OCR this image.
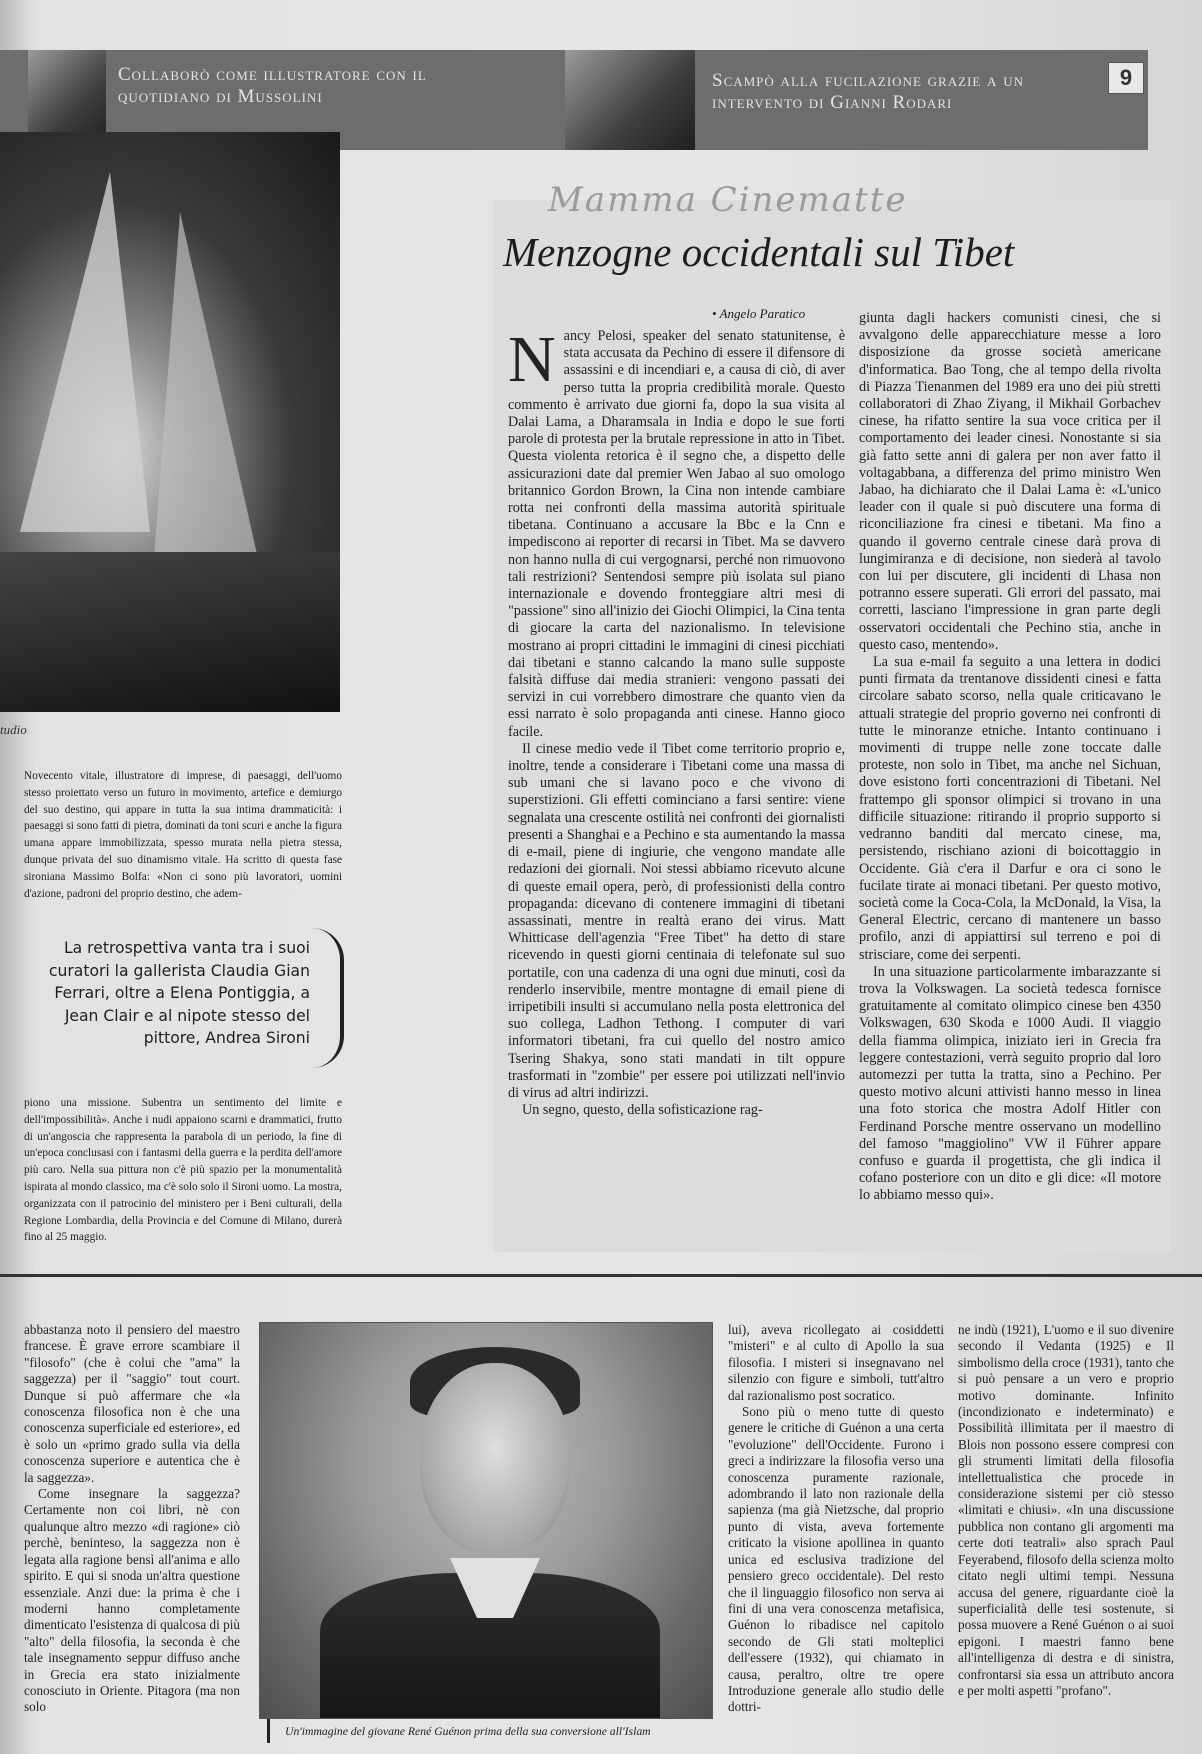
Collaborò come illustratore con il quotidiano di Mussolini
Scampò alla fucilazione grazie a un intervento di Gianni Rodari
9
tudio

Novecento vitale, illustratore di imprese, di paesaggi, dell'uomo stesso proiettato verso un futuro in movimento, artefice e demiurgo del suo destino, qui appare in tutta la sua intima drammaticità: i paesaggi si sono fatti di pietra, dominati da toni scuri e anche la figura umana appare immobilizzata, spesso murata nella pietra stessa, dunque privata del suo dinamismo vitale. Ha scritto di questa fase sironiana Massimo Bolfa: «Non ci sono più lavoratori, uomini d'azione, padroni del proprio destino, che adem-

La retrospettiva vanta tra i suoi curatori la gallerista Claudia Gian Ferrari, oltre a Elena Pontiggia, a Jean Clair e al nipote stesso del pittore, Andrea Sironi

piono una missione. Subentra un sentimento del limite e dell'impossibilità». Anche i nudi appaiono scarni e drammatici, frutto di un'angoscia che rappresenta la parabola di un periodo, la fine di un'epoca conclusasi con i fantasmi della guerra e la perdita dell'amore più caro. Nella sua pittura non c'è più spazio per la monumentalità ispirata al mondo classico, ma c'è solo solo il Sironi uomo. La mostra, organizzata con il patrocinio del ministero per i Beni culturali, della Regione Lombardia, della Provincia e del Comune di Milano, durerà fino al 25 maggio.

Mamma Cinematte
Menzogne occidentali sul Tibet
• Angelo Paratico

Nancy Pelosi, speaker del senato statunitense, è stata accusata da Pechino di essere il difensore di assassini e di incendiari e, a causa di ciò, di aver perso tutta la propria credibilità morale. Questo commento è arrivato due giorni fa, dopo la sua visita al Dalai Lama, a Dharamsala in India e dopo le sue forti parole di protesta per la brutale repressione in atto in Tibet. Questa violenta retorica è il segno che, a dispetto delle assicurazioni date dal premier Wen Jabao al suo omologo britannico Gordon Brown, la Cina non intende cambiare rotta nei confronti della massima autorità spirituale tibetana. Continuano a accusare la Bbc e la Cnn e impediscono ai reporter di recarsi in Tibet. Ma se davvero non hanno nulla di cui vergognarsi, perché non rimuovono tali restrizioni? Sentendosi sempre più isolata sul piano internazionale e dovendo fronteggiare altri mesi di "passione" sino all'inizio dei Giochi Olimpici, la Cina tenta di giocare la carta del nazionalismo. In televisione mostrano ai propri cittadini le immagini di cinesi picchiati dai tibetani e stanno calcando la mano sulle supposte falsità diffuse dai media stranieri: vengono passati dei servizi in cui vorrebbero dimostrare che quanto vien da essi narrato è solo propaganda anti cinese. Hanno gioco facile.

Il cinese medio vede il Tibet come territorio proprio e, inoltre, tende a considerare i Tibetani come una massa di sub umani che si lavano poco e che vivono di superstizioni. Gli effetti cominciano a farsi sentire: viene segnalata una crescente ostilità nei confronti dei giornalisti presenti a Shanghai e a Pechino e sta aumentando la massa di e-mail, piene di ingiurie, che vengono mandate alle redazioni dei giornali. Noi stessi abbiamo ricevuto alcune di queste email opera, però, di professionisti della contro propaganda: dicevano di contenere immagini di tibetani assassinati, mentre in realtà erano dei virus. Matt Whitticase dell'agenzia "Free Tibet" ha detto di stare ricevendo in questi giorni centinaia di telefonate sul suo portatile, con una cadenza di una ogni due minuti, così da renderlo inservibile, mentre montagne di email piene di irripetibili insulti si accumulano nella posta elettronica del suo collega, Ladhon Tethong. I computer di vari informatori tibetani, fra cui quello del nostro amico Tsering Shakya, sono stati mandati in tilt oppure trasformati in "zombie" per essere poi utilizzati nell'invio di virus ad altri indirizzi.

Un segno, questo, della sofisticazione rag-

giunta dagli hackers comunisti cinesi, che si avvalgono delle apparecchiature messe a loro disposizione da grosse società americane d'informatica. Bao Tong, che al tempo della rivolta di Piazza Tienanmen del 1989 era uno dei più stretti collaboratori di Zhao Ziyang, il Mikhail Gorbachev cinese, ha rifatto sentire la sua voce critica per il comportamento dei leader cinesi. Nonostante si sia già fatto sette anni di galera per non aver fatto il voltagabbana, a differenza del primo ministro Wen Jabao, ha dichiarato che il Dalai Lama è: «L'unico leader con il quale si può discutere una forma di riconciliazione fra cinesi e tibetani. Ma fino a quando il governo centrale cinese darà prova di lungimiranza e di decisione, non siederà al tavolo con lui per discutere, gli incidenti di Lhasa non potranno essere superati. Gli errori del passato, mai corretti, lasciano l'impressione in gran parte degli osservatori occidentali che Pechino stia, anche in questo caso, mentendo».

La sua e-mail fa seguito a una lettera in dodici punti firmata da trentanove dissidenti cinesi e fatta circolare sabato scorso, nella quale criticavano le attuali strategie del proprio governo nei confronti di tutte le minoranze etniche. Intanto continuano i movimenti di truppe nelle zone toccate dalle proteste, non solo in Tibet, ma anche nel Sichuan, dove esistono forti concentrazioni di Tibetani. Nel frattempo gli sponsor olimpici si trovano in una difficile situazione: ritirando il proprio supporto si vedranno banditi dal mercato cinese, ma, persistendo, rischiano azioni di boicottaggio in Occidente. Già c'era il Darfur e ora ci sono le fucilate tirate ai monaci tibetani. Per questo motivo, società come la Coca-Cola, la McDonald, la Visa, la General Electric, cercano di mantenere un basso profilo, anzi di appiattirsi sul terreno e poi di strisciare, come dei serpenti.

In una situazione particolarmente imbarazzante si trova la Volkswagen. La società tedesca fornisce gratuitamente al comitato olimpico cinese ben 4350 Volkswagen, 630 Skoda e 1000 Audi. Il viaggio della fiamma olimpica, iniziato ieri in Grecia fra leggere contestazioni, verrà seguito proprio dal loro automezzi per tutta la tratta, sino a Pechino. Per questo motivo alcuni attivisti hanno messo in linea una foto storica che mostra Adolf Hitler con Ferdinand Porsche mentre osservano un modellino del famoso "maggiolino" VW il Führer appare confuso e guarda il progettista, che gli indica il cofano posteriore con un dito e gli dice: «Il motore lo abbiamo messo qui».

abbastanza noto il pensiero del maestro francese. È grave errore scambiare il "filosofo" (che è colui che "ama" la saggezza) per il "saggio" tout court. Dunque si può affermare che «la conoscenza filosofica non è che una conoscenza superficiale ed esteriore», ed è solo un «primo grado sulla via della conoscenza superiore e autentica che è la saggezza».

Come insegnare la saggezza? Certamente non coi libri, nè con qualunque altro mezzo «di ragione» ciò perchè, beninteso, la saggezza non è legata alla ragione bensì all'anima e allo spirito. E qui si snoda un'altra questione essenziale. Anzi due: la prima è che i moderni hanno completamente dimenticato l'esistenza di qualcosa di più "alto" della filosofia, la seconda è che tale insegnamento seppur diffuso anche in Grecia era stato inizialmente conosciuto in Oriente. Pitagora (ma non solo

Un'immagine del giovane René Guénon prima della sua conversione all'Islam

lui), aveva ricollegato ai cosiddetti "misteri" e al culto di Apollo la sua filosofia. I misteri si insegnavano nel silenzio con figure e simboli, tutt'altro dal razionalismo post socratico.

Sono più o meno tutte di questo genere le critiche di Guénon a una certa "evoluzione" dell'Occidente. Furono i greci a indirizzare la filosofia verso una conoscenza puramente razionale, adombrando il lato non razionale della sapienza (ma già Nietzsche, dal proprio punto di vista, aveva fortemente criticato la visione apollinea in quanto unica ed esclusiva tradizione del pensiero greco occidentale). Del resto che il linguaggio filosofico non serva ai fini di una vera conoscenza metafisica, Guénon lo ribadisce nel capitolo secondo de Gli stati molteplici dell'essere (1932), qui chiamato in causa, peraltro, oltre tre opere Introduzione generale allo studio delle dottri-

ne indù (1921), L'uomo e il suo divenire secondo il Vedanta (1925) e Il simbolismo della croce (1931), tanto che si può pensare a un vero e proprio motivo dominante. Infinito (incondizionato e indeterminato) e Possibilità illimitata per il maestro di Blois non possono essere compresi con gli strumenti limitati della filosofia intellettualistica che procede in considerazione sistemi per ciò stesso «limitati e chiusi». «In una discussione pubblica non contano gli argomenti ma certe doti teatrali» also sprach Paul Feyerabend, filosofo della scienza molto citato negli ultimi tempi. Nessuna accusa del genere, riguardante cioè la superficialità delle tesi sostenute, si possa muovere a René Guénon o ai suoi epigoni. I maestri fanno bene all'intelligenza di destra e di sinistra, confrontarsi sia essa un attributo ancora e per molti aspetti "profano".
